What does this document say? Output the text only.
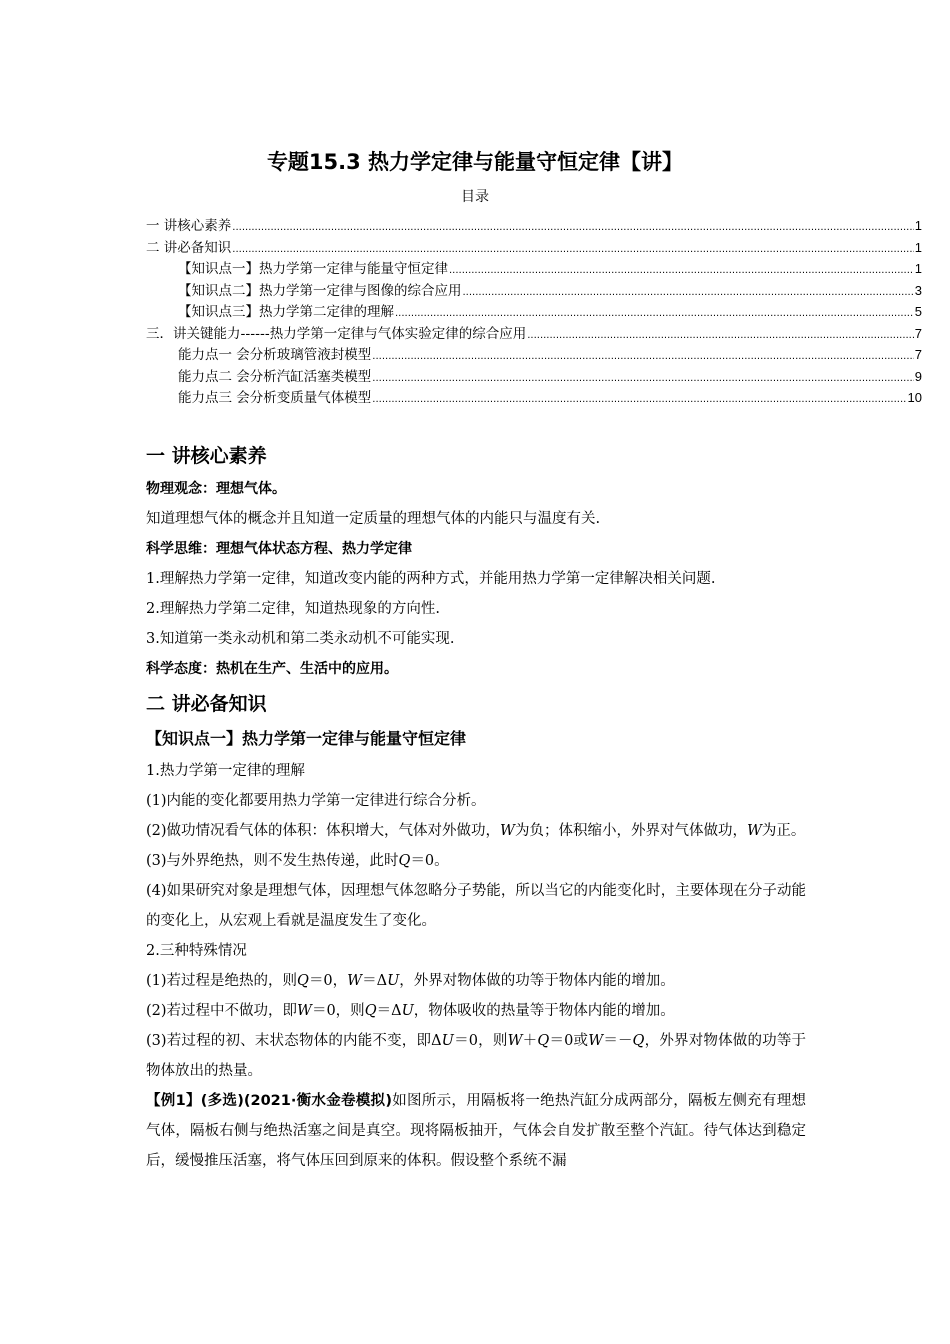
专题15.3 热力学定律与能量守恒定律【讲】
目录
一 讲核心素养 .....	1
二 讲必备知识 .....	1
【知识点一】热力学第一定律与能量守恒定律 .....	1
【知识点二】热力学第一定律与图像的综合应用 .....	3
【知识点三】热力学第二定律的理解 .....	5
三．讲关键能力------热力学第一定律与气体实验定律的综合应用 .....	7
能力点一 会分析玻璃管液封模型 .....	7
能力点二 会分析汽缸活塞类模型 .....	9
能力点三 会分析变质量气体模型 .....	10
一 讲核心素养
物理观念：理想气体。

知道理想气体的概念并且知道一定质量的理想气体的内能只与温度有关.

科学思维：理想气体状态方程、热力学定律

1.理解热力学第一定律，知道改变内能的两种方式，并能用热力学第一定律解决相关问题.

2.理解热力学第二定律，知道热现象的方向性.

3.知道第一类永动机和第二类永动机不可能实现.

科学态度：热机在生产、生活中的应用。
二 讲必备知识
【知识点一】热力学第一定律与能量守恒定律

1.热力学第一定律的理解

(1)内能的变化都要用热力学第一定律进行综合分析。

(2)做功情况看气体的体积：体积增大，气体对外做功，W为负；体积缩小，外界对气体做功，W为正。

(3)与外界绝热，则不发生热传递，此时Q＝0。

(4)如果研究对象是理想气体，因理想气体忽略分子势能，所以当它的内能变化时，主要体现在分子动能的变化上，从宏观上看就是温度发生了变化。

2.三种特殊情况

(1)若过程是绝热的，则Q＝0，W＝ΔU，外界对物体做的功等于物体内能的增加。

(2)若过程中不做功，即W＝0，则Q＝ΔU，物体吸收的热量等于物体内能的增加。

(3)若过程的初、末状态物体的内能不变，即ΔU＝0，则W＋Q＝0或W＝－Q，外界对物体做的功等于物体放出的热量。

【例1】(多选)(2021·衡水金卷模拟)如图所示，用隔板将一绝热汽缸分成两部分，隔板左侧充有理想气体，隔板右侧与绝热活塞之间是真空。现将隔板抽开，气体会自发扩散至整个汽缸。待气体达到稳定后，缓慢推压活塞，将气体压回到原来的体积。假设整个系统不漏
